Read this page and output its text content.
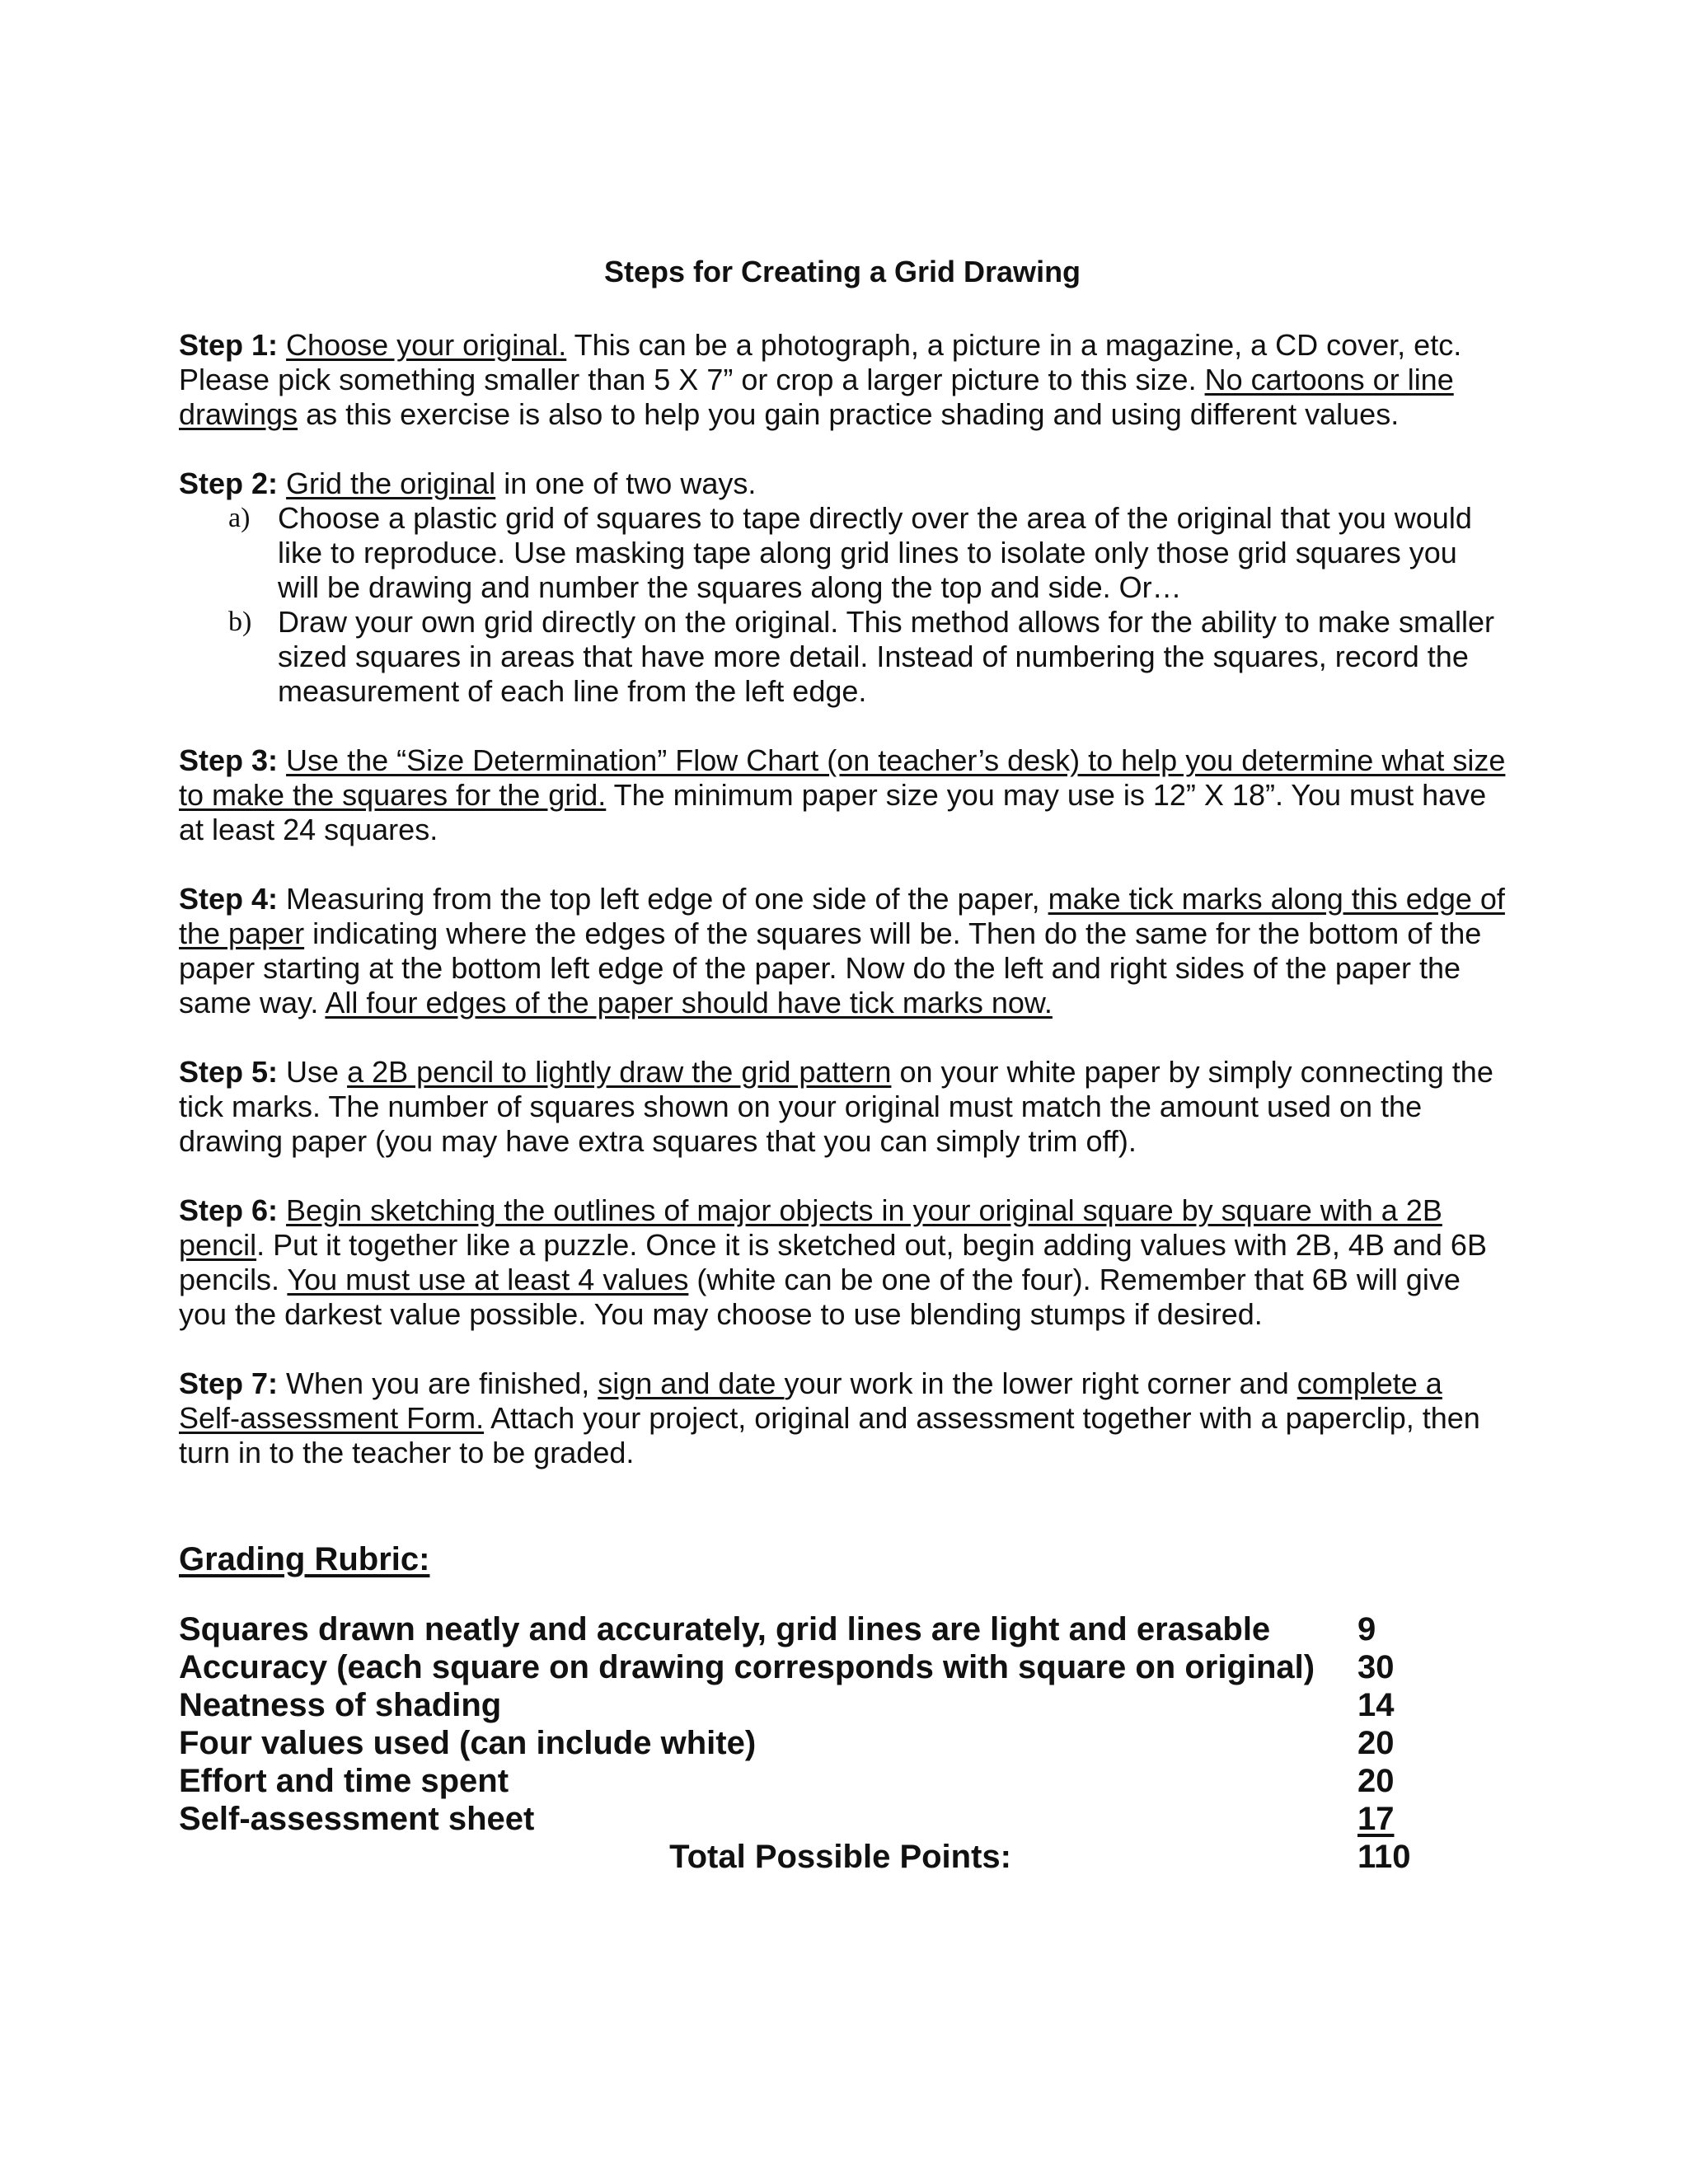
Steps for Creating a Grid Drawing

Step 1: Choose your original. This can be a photograph, a picture in a magazine, a CD cover, etc. Please pick something smaller than 5 X 7” or crop a larger picture to this size. No cartoons or line drawings as this exercise is also to help you gain practice shading and using different values.

Step 2: Grid the original in one of two ways.
a) Choose a plastic grid of squares to tape directly over the area of the original that you would like to reproduce. Use masking tape along grid lines to isolate only those grid squares you will be drawing and number the squares along the top and side. Or…
b) Draw your own grid directly on the original. This method allows for the ability to make smaller sized squares in areas that have more detail. Instead of numbering the squares, record the measurement of each line from the left edge.

Step 3: Use the “Size Determination” Flow Chart (on teacher’s desk) to help you determine what size to make the squares for the grid. The minimum paper size you may use is 12” X 18”. You must have at least 24 squares.

Step 4: Measuring from the top left edge of one side of the paper, make tick marks along this edge of the paper indicating where the edges of the squares will be. Then do the same for the bottom of the paper starting at the bottom left edge of the paper. Now do the left and right sides of the paper the same way. All four edges of the paper should have tick marks now.

Step 5: Use a 2B pencil to lightly draw the grid pattern on your white paper by simply connecting the tick marks. The number of squares shown on your original must match the amount used on the drawing paper (you may have extra squares that you can simply trim off).

Step 6: Begin sketching the outlines of major objects in your original square by square with a 2B pencil. Put it together like a puzzle. Once it is sketched out, begin adding values with 2B, 4B and 6B pencils. You must use at least 4 values (white can be one of the four). Remember that 6B will give you the darkest value possible. You may choose to use blending stumps if desired.

Step 7: When you are finished, sign and date your work in the lower right corner and complete a Self-assessment Form. Attach your project, original and assessment together with a paperclip, then turn in to the teacher to be graded.

Grading Rubric:
Squares drawn neatly and accurately, grid lines are light and erasable	9
Accuracy (each square on drawing corresponds with square on original)	30
Neatness of shading	14
Four values used (can include white)	20
Effort and time spent	20
Self-assessment sheet	17
Total Possible Points:	110
